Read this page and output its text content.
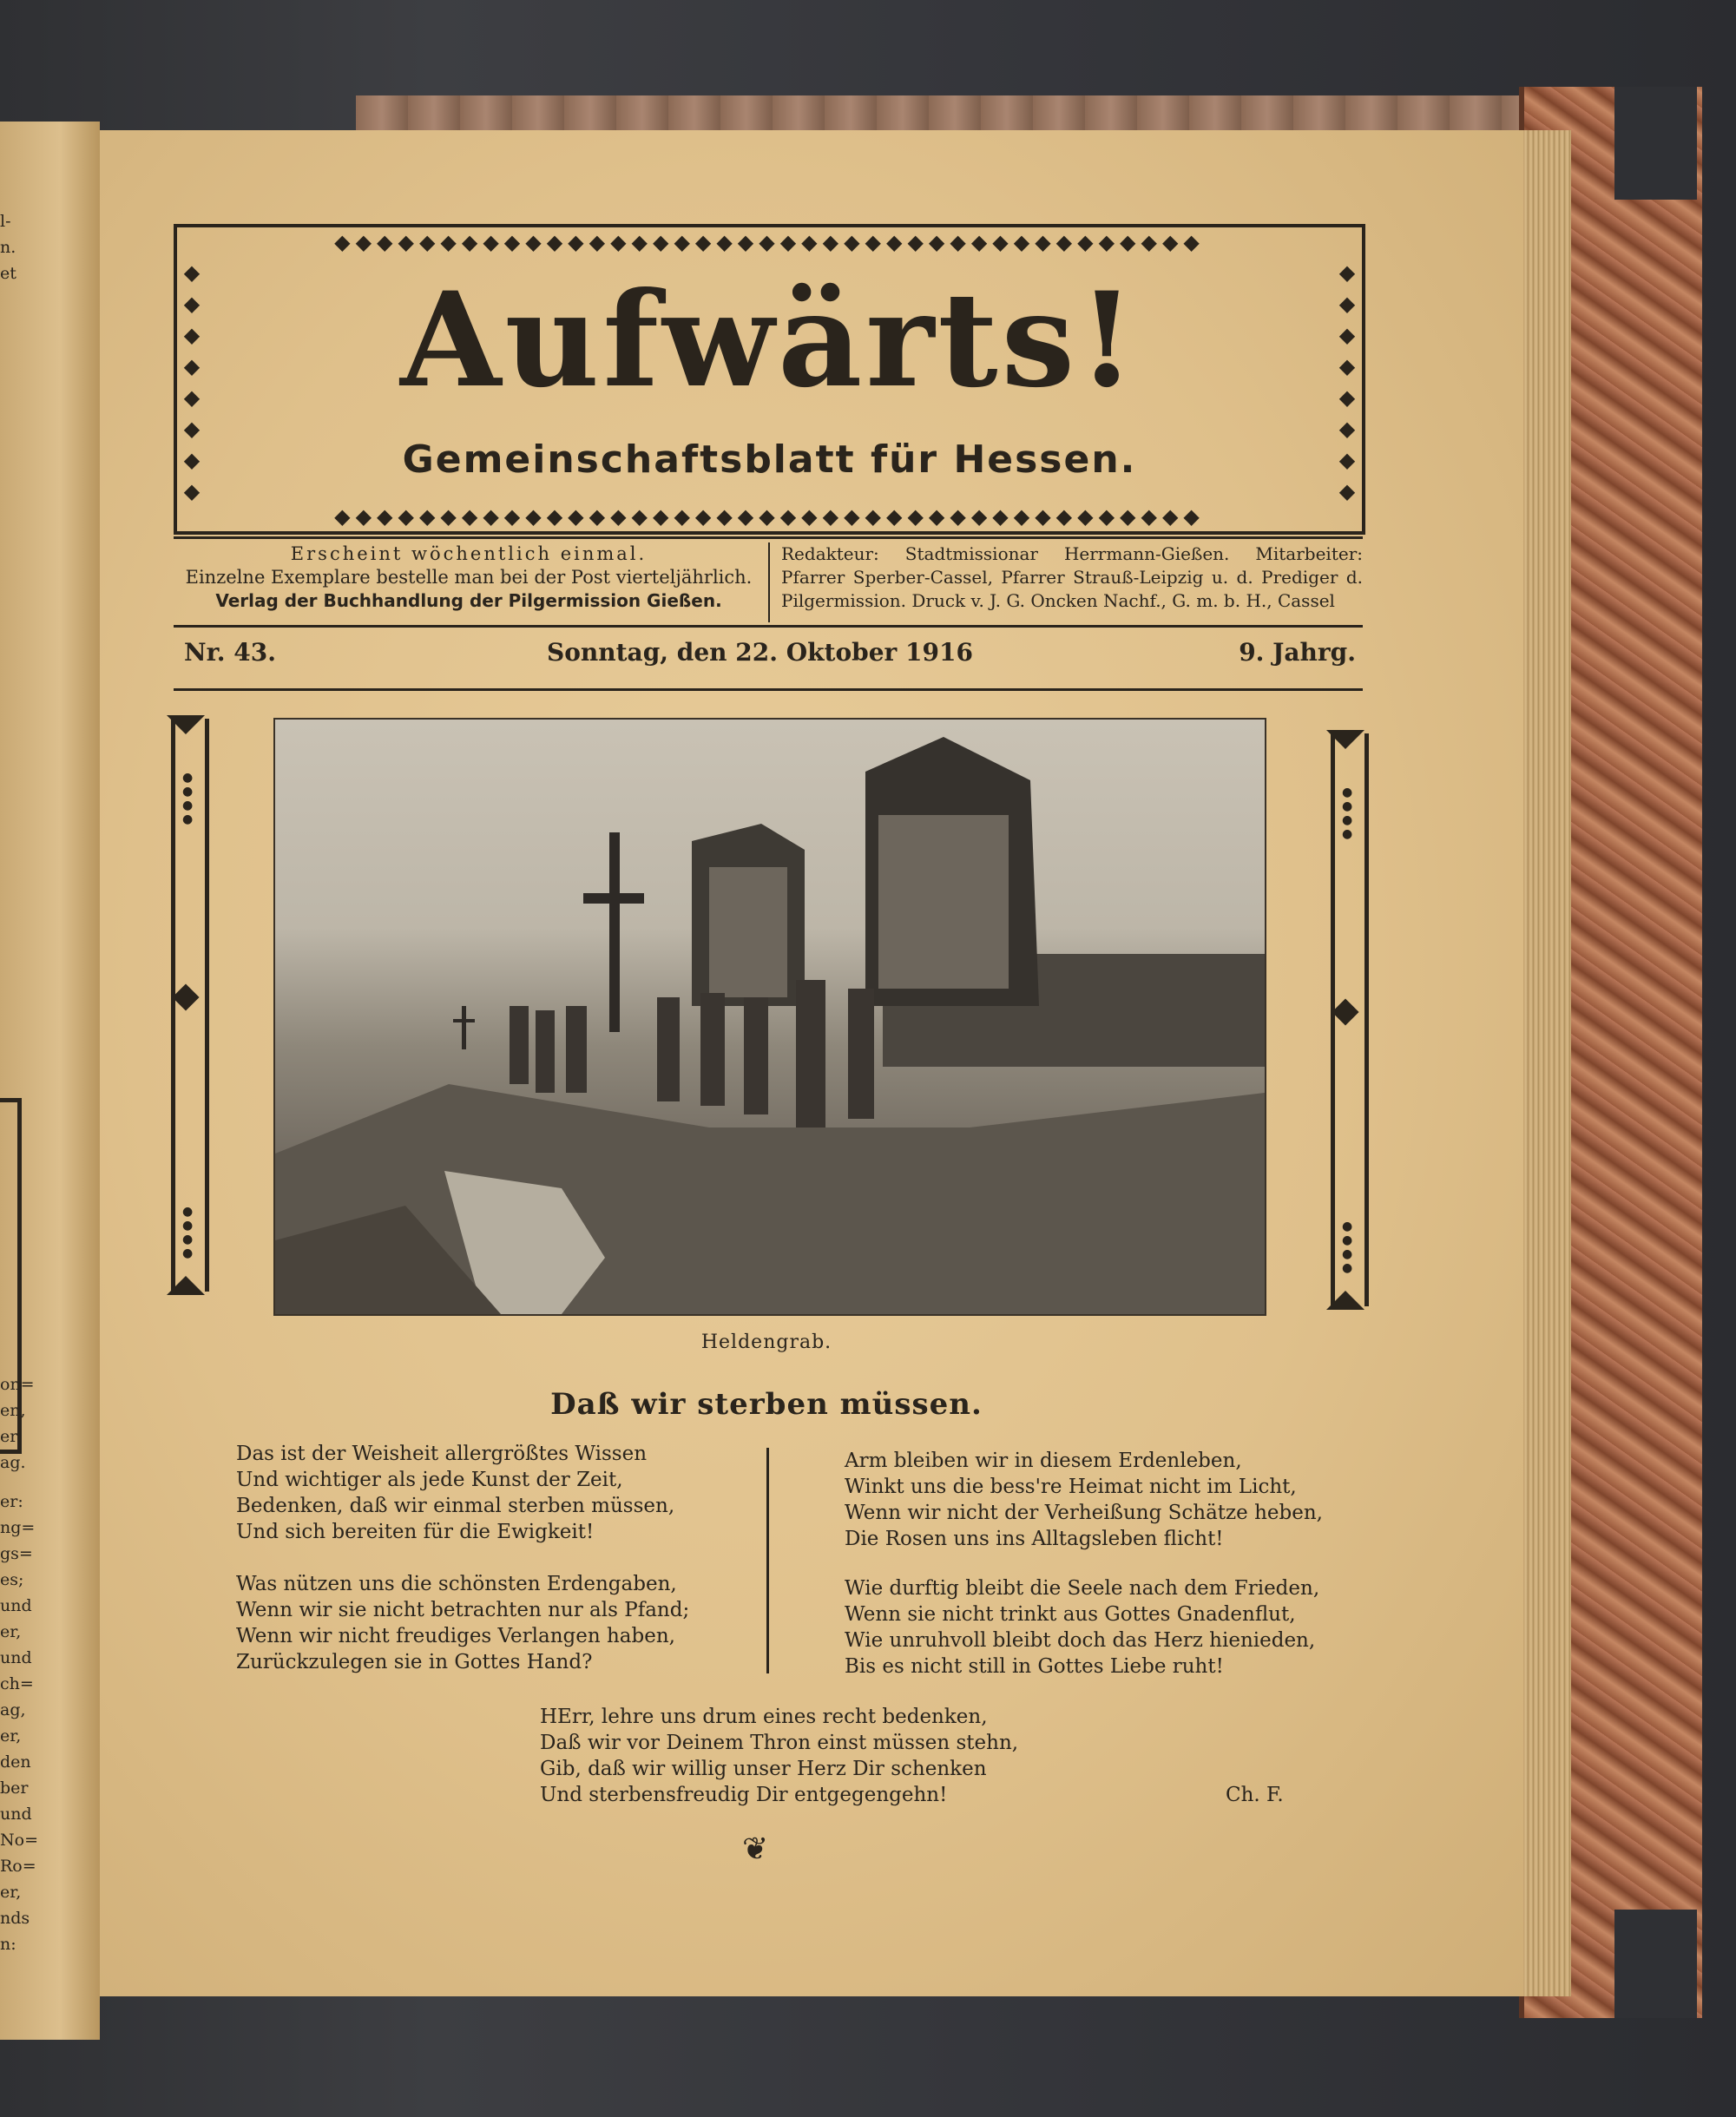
l-
n.
et
on=
en,
er:
ag.
er:
ng=
gs=
es;
und
er,
und
ch=
ag,
er,
den
ber
und
No=
Ro=
er,
nds
n:
◆◆◆◆◆◆◆◆◆◆◆◆◆◆◆◆◆◆◆◆◆◆◆◆◆◆◆◆◆◆◆◆◆◆◆◆◆◆◆◆◆
◆◆◆◆◆◆◆◆◆◆◆◆◆◆◆◆◆◆◆◆◆◆◆◆◆◆◆◆◆◆◆◆◆◆◆◆◆◆◆◆◆
◆
◆
◆
◆
◆
◆
◆
◆
◆
◆
◆
◆
◆
◆
◆
◆
Aufwärts!
Gemeinschaftsblatt für Hessen.
Erscheint wöchentlich einmal.
Einzelne Exemplare bestelle man bei der Post vierteljährlich.
Verlag der Buchhandlung der Pilgermission Gießen.
Redakteur: Stadtmissionar Herrmann-Gießen. Mitarbeiter: Pfarrer Sperber-Cassel, Pfarrer Strauß-Leipzig u. d. Prediger d. Pilgermission. Druck v. J. G. Oncken Nachf., G. m. b. H., Cassel
Nr. 43.	Sonntag, den 22. Oktober 1916	9. Jahrg.
● ●
● ●
● ●
● ●
● ●
● ●
● ●
● ●
Heldengrab.
Daß wir sterben müssen.
Das ist der Weisheit allergrößtes Wissen
Und wichtiger als jede Kunst der Zeit,
Bedenken, daß wir einmal sterben müssen,
Und sich bereiten für die Ewigkeit!
Was nützen uns die schönsten Erdengaben,
Wenn wir sie nicht betrachten nur als Pfand;
Wenn wir nicht freudiges Verlangen haben,
Zurückzulegen sie in Gottes Hand?
Arm bleiben wir in diesem Erdenleben,
Winkt uns die bess're Heimat nicht im Licht,
Wenn wir nicht der Verheißung Schätze heben,
Die Rosen uns ins Alltagsleben flicht!
Wie durftig bleibt die Seele nach dem Frieden,
Wenn sie nicht trinkt aus Gottes Gnadenflut,
Wie unruhvoll bleibt doch das Herz hienieden,
Bis es nicht still in Gottes Liebe ruht!
HErr, lehre uns drum eines recht bedenken,
Daß wir vor Deinem Thron einst müssen stehn,
Gib, daß wir willig unser Herz Dir schenken
Und sterbensfreudig Dir entgegengehn!	Ch. F.
❦
